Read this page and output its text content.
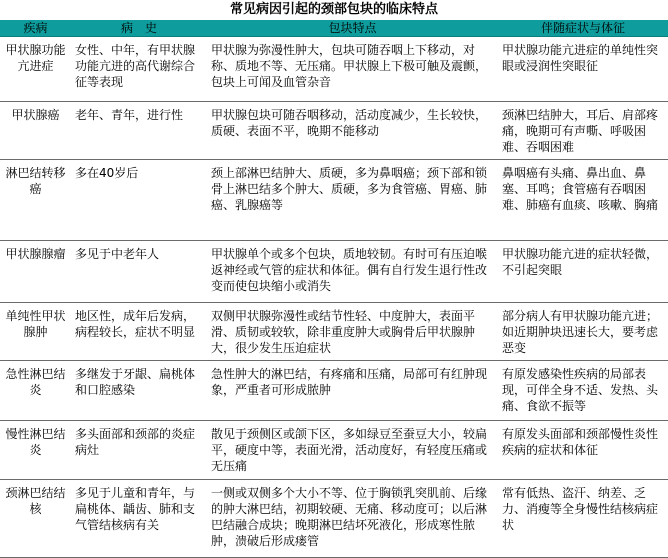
常见病因引起的颈部包块的临床特点
疾病	病　史	包块特点	伴随症状与体征
甲状腺功能亢进症	女性、中年，有甲状腺功能亢进的高代谢综合征等表现	甲状腺为弥漫性肿大，包块可随吞咽上下移动，对称、质地不等、无压痛。甲状腺上下极可触及震颤，包块上可闻及血管杂音	甲状腺功能亢进症的单纯性突眼或浸润性突眼征
甲状腺癌	老年、青年，进行性	甲状腺包块可随吞咽移动，活动度减少，生长较快，质硬、表面不平，晚期不能移动	颈淋巴结肿大，耳后、肩部疼痛，晚期可有声嘶、呼吸困难、吞咽困难
淋巴结转移癌	多在40岁后	颈上部淋巴结肿大、质硬，多为鼻咽癌；颈下部和锁骨上淋巴结多个肿大、质硬，多为食管癌、胃癌、肺癌、乳腺癌等	鼻咽癌有头痛、鼻出血、鼻塞、耳鸣；食管癌有吞咽困难、肺癌有血痰、咳嗽、胸痛
甲状腺腺瘤	多见于中老年人	甲状腺单个或多个包块，质地较韧。有时可有压迫喉返神经或气管的症状和体征。偶有自行发生退行性改变而使包块缩小或消失	甲状腺功能亢进的症状轻微，不引起突眼
单纯性甲状腺肿	地区性，成年后发病，病程较长，症状不明显	双侧甲状腺弥漫性或结节性轻、中度肿大，表面平滑、质韧或较软，除非重度肿大或胸骨后甲状腺肿大，很少发生压迫症状	部分病人有甲状腺功能亢进；如近期肿块迅速长大，要考虑恶变
急性淋巴结炎	多继发于牙龈、扁桃体和口腔感染	急性肿大的淋巴结，有疼痛和压痛，局部可有红肿现象，严重者可形成脓肿	有原发感染性疾病的局部表现，可伴全身不适、发热、头痛、食欲不振等
慢性淋巴结炎	多头面部和颈部的炎症病灶	散见于颈侧区或颌下区，多如绿豆至蚕豆大小，较扁平，硬度中等，表面光滑，活动度好，有轻度压痛或无压痛	有原发头面部和颈部慢性炎性疾病的症状和体征
颈淋巴结结核	多见于儿童和青年，与扁桃体、龋齿、肺和支气管结核病有关	一侧或双侧多个大小不等、位于胸锁乳突肌前、后缘的肿大淋巴结，初期较硬、无痛、移动度可；以后淋巴结融合成块；晚期淋巴结坏死液化，形成寒性脓肿，溃破后形成瘘管	常有低热、盗汗、纳差、乏力、消瘦等全身慢性结核病症状
